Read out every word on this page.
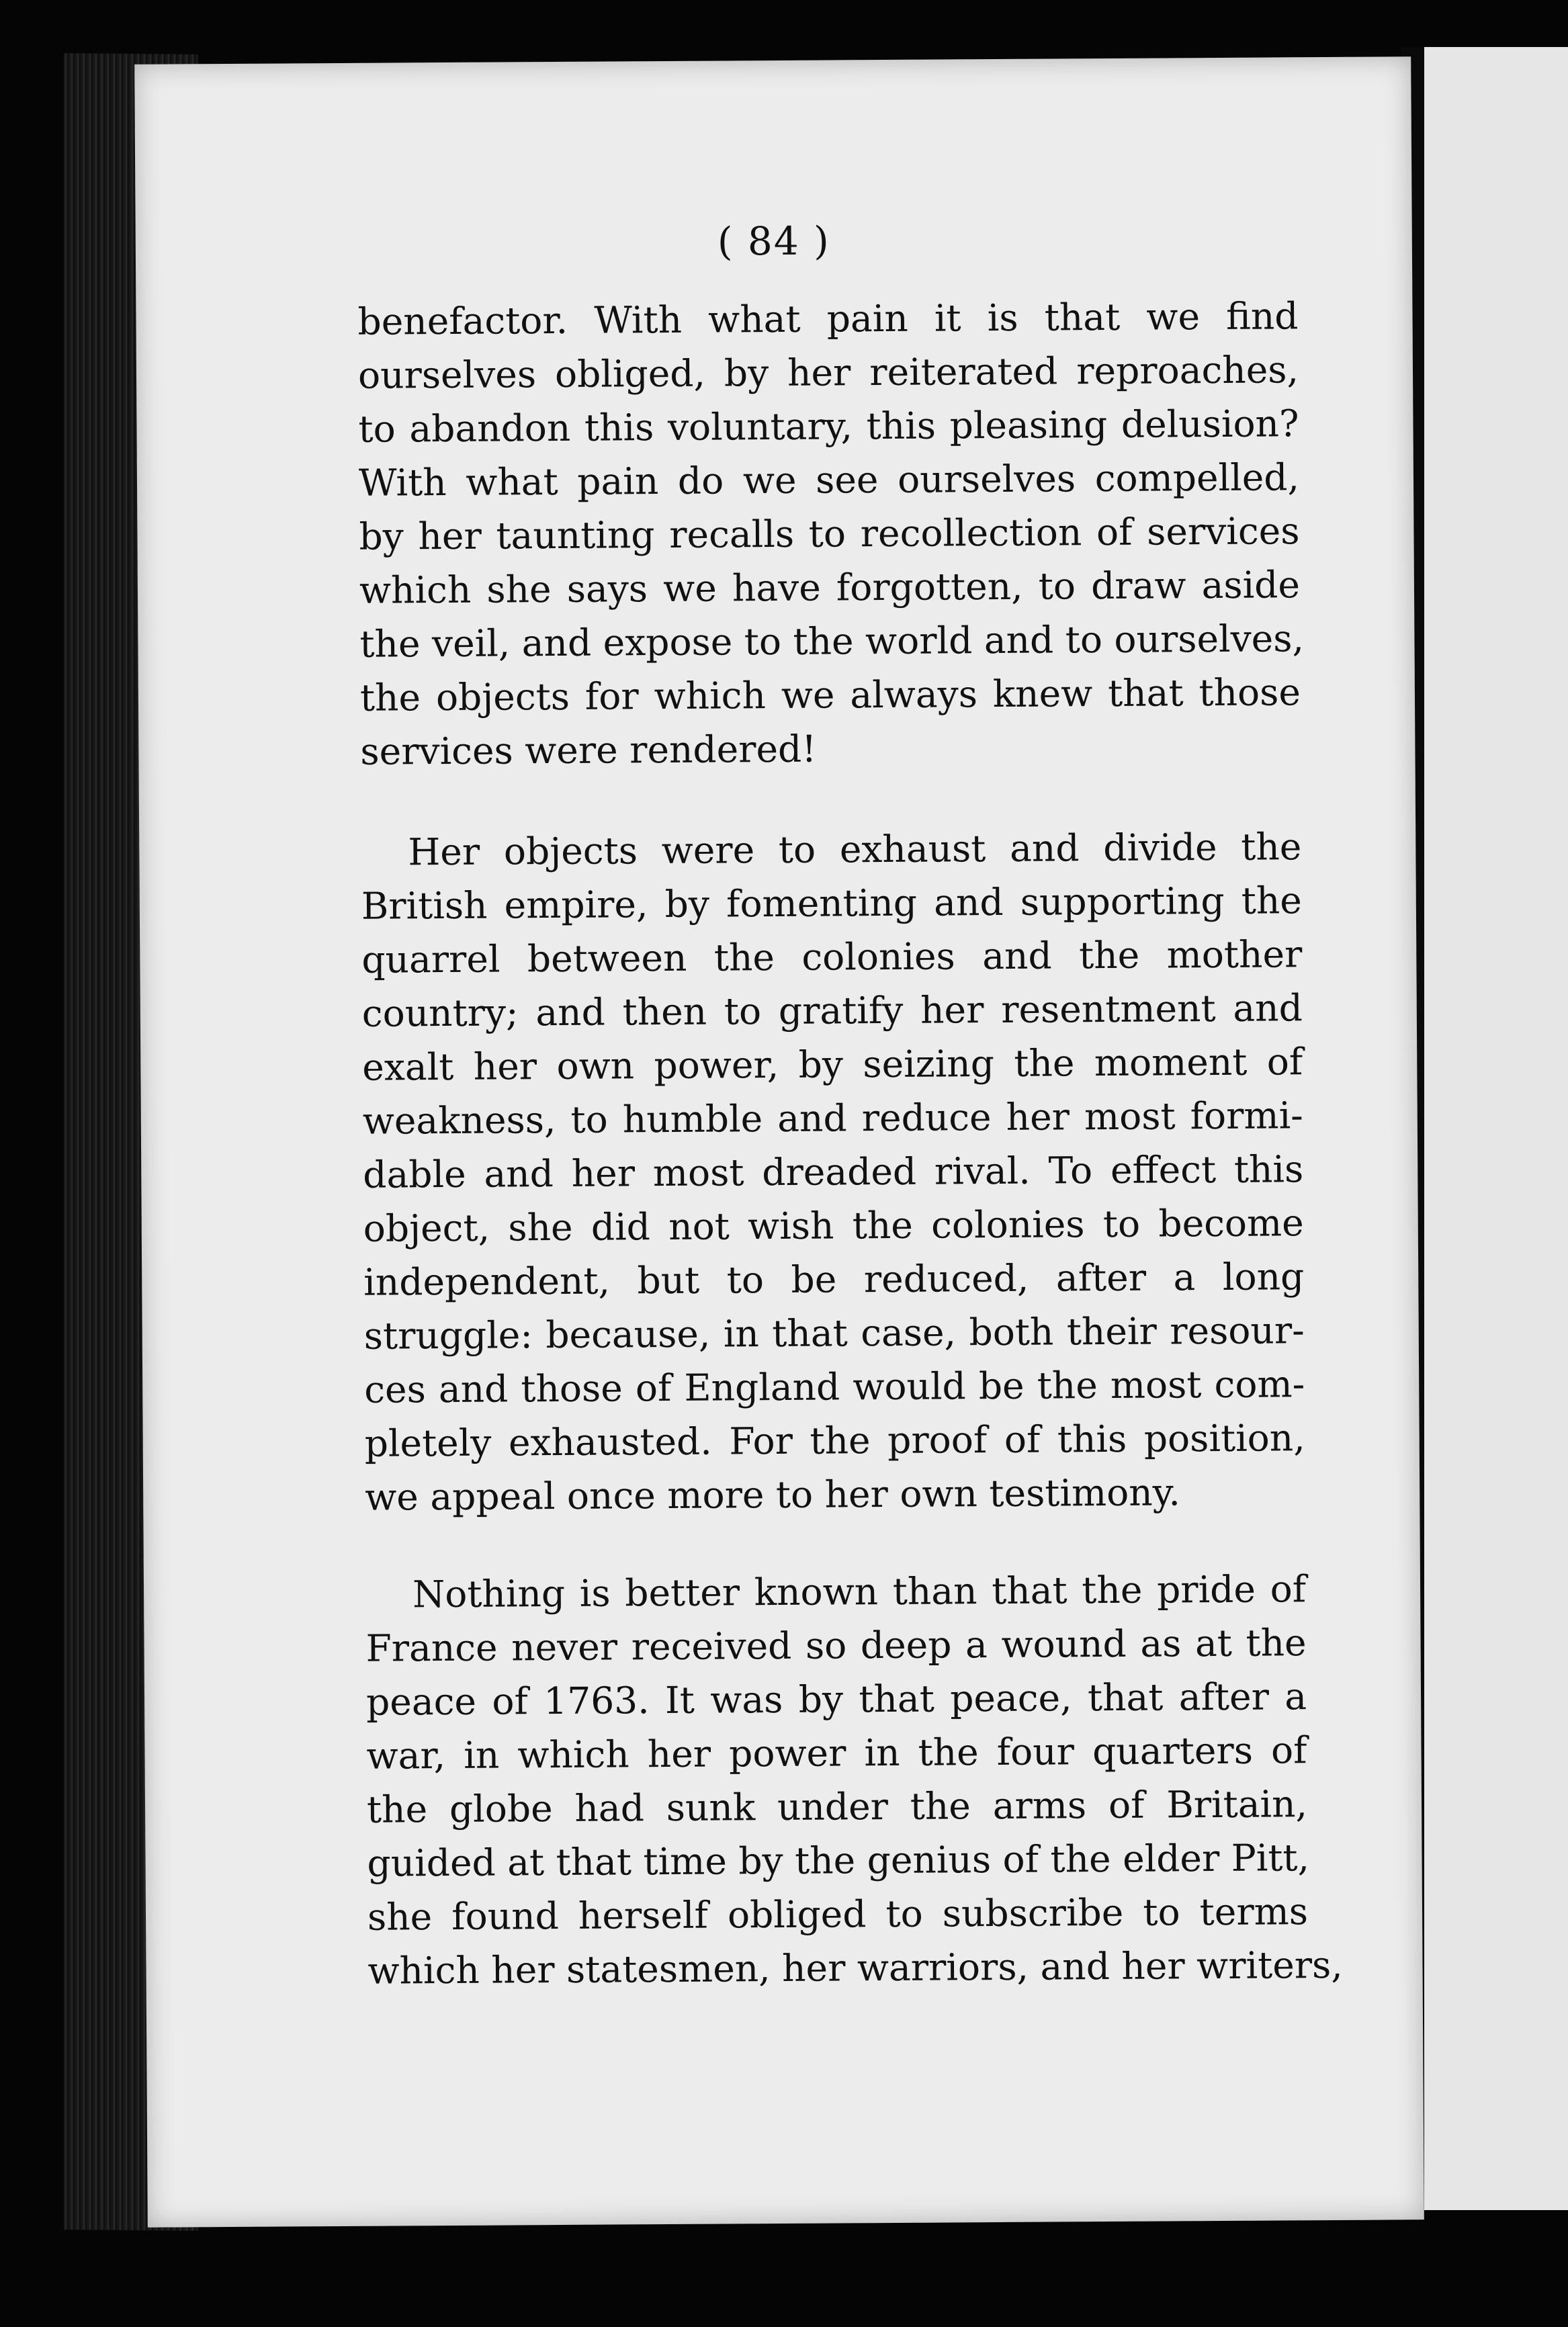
( 84 )
benefactor. With what pain it is that we find
ourselves obliged, by her reiterated reproaches,
to abandon this voluntary, this pleasing delusion?
With what pain do we see ourselves compelled,
by her taunting recalls to recollection of services
which she says we have forgotten, to draw aside
the veil, and expose to the world and to ourselves,
the objects for which we always knew that those
services were rendered!
Her objects were to exhaust and divide the
British empire, by fomenting and supporting the
quarrel between the colonies and the mother
country; and then to gratify her resentment and
exalt her own power, by seizing the moment of
weakness, to humble and reduce her most formi-
dable and her most dreaded rival. To effect this
object, she did not wish the colonies to become
independent, but to be reduced, after a long
struggle: because, in that case, both their resour-
ces and those of England would be the most com-
pletely exhausted. For the proof of this position,
we appeal once more to her own testimony.
Nothing is better known than that the pride of
France never received so deep a wound as at the
peace of 1763. It was by that peace, that after a
war, in which her power in the four quarters of
the globe had sunk under the arms of Britain,
guided at that time by the genius of the elder Pitt,
she found herself obliged to subscribe to terms
which her statesmen, her warriors, and her writers,
